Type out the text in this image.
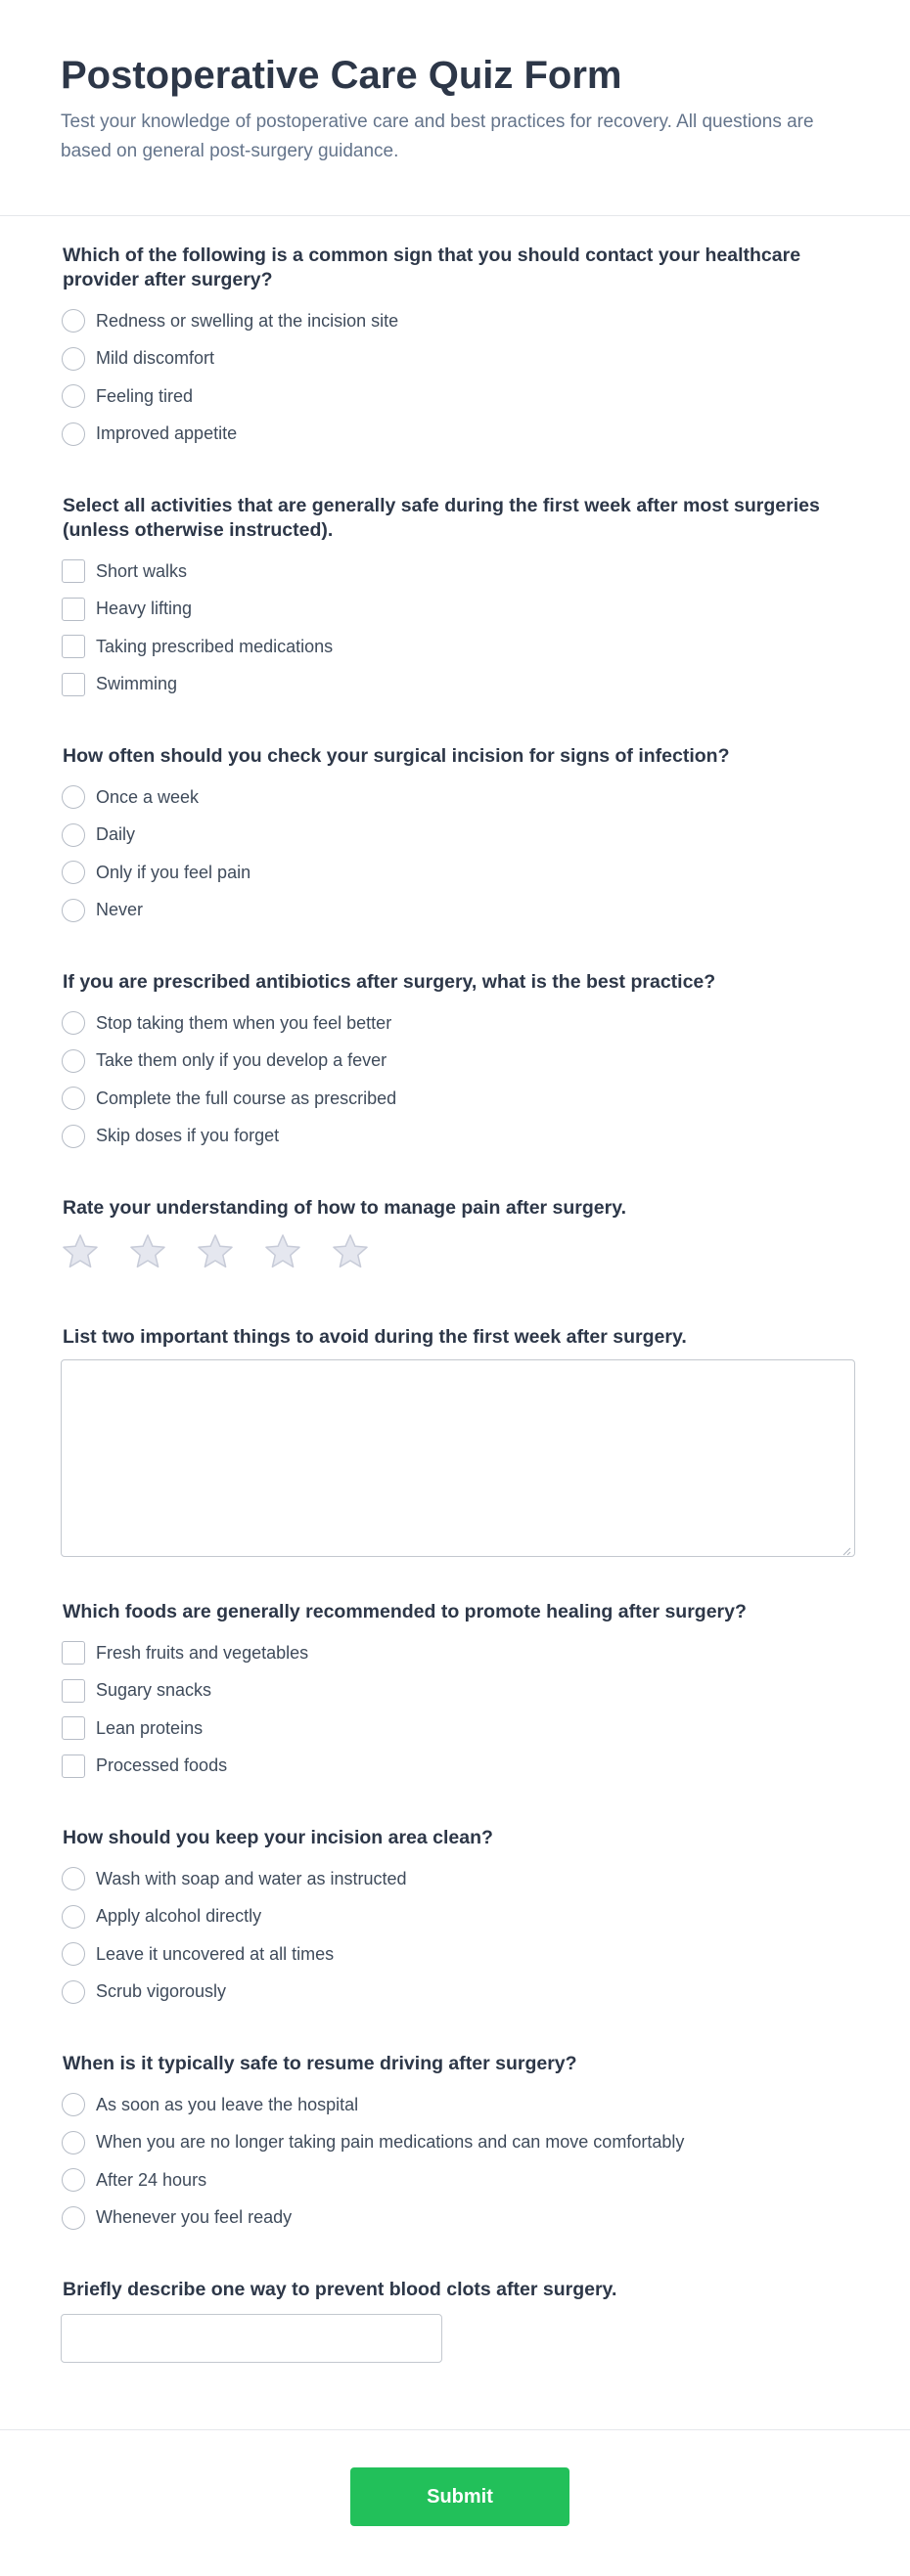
Postoperative Care Quiz Form

Test your knowledge of postoperative care and best practices for recovery. All questions are based on general post-surgery guidance.

Which of the following is a common sign that you should contact your healthcare provider after surgery?
Redness or swelling at the incision site
Mild discomfort
Feeling tired
Improved appetite
Select all activities that are generally safe during the first week after most surgeries (unless otherwise instructed).
Short walks
Heavy lifting
Taking prescribed medications
Swimming
How often should you check your surgical incision for signs of infection?
Once a week
Daily
Only if you feel pain
Never
If you are prescribed antibiotics after surgery, what is the best practice?
Stop taking them when you feel better
Take them only if you develop a fever
Complete the full course as prescribed
Skip doses if you forget
Rate your understanding of how to manage pain after surgery.
List two important things to avoid during the first week after surgery.
Which foods are generally recommended to promote healing after surgery?
Fresh fruits and vegetables
Sugary snacks
Lean proteins
Processed foods
How should you keep your incision area clean?
Wash with soap and water as instructed
Apply alcohol directly
Leave it uncovered at all times
Scrub vigorously
When is it typically safe to resume driving after surgery?
As soon as you leave the hospital
When you are no longer taking pain medications and can move comfortably
After 24 hours
Whenever you feel ready
Briefly describe one way to prevent blood clots after surgery.
Submit
